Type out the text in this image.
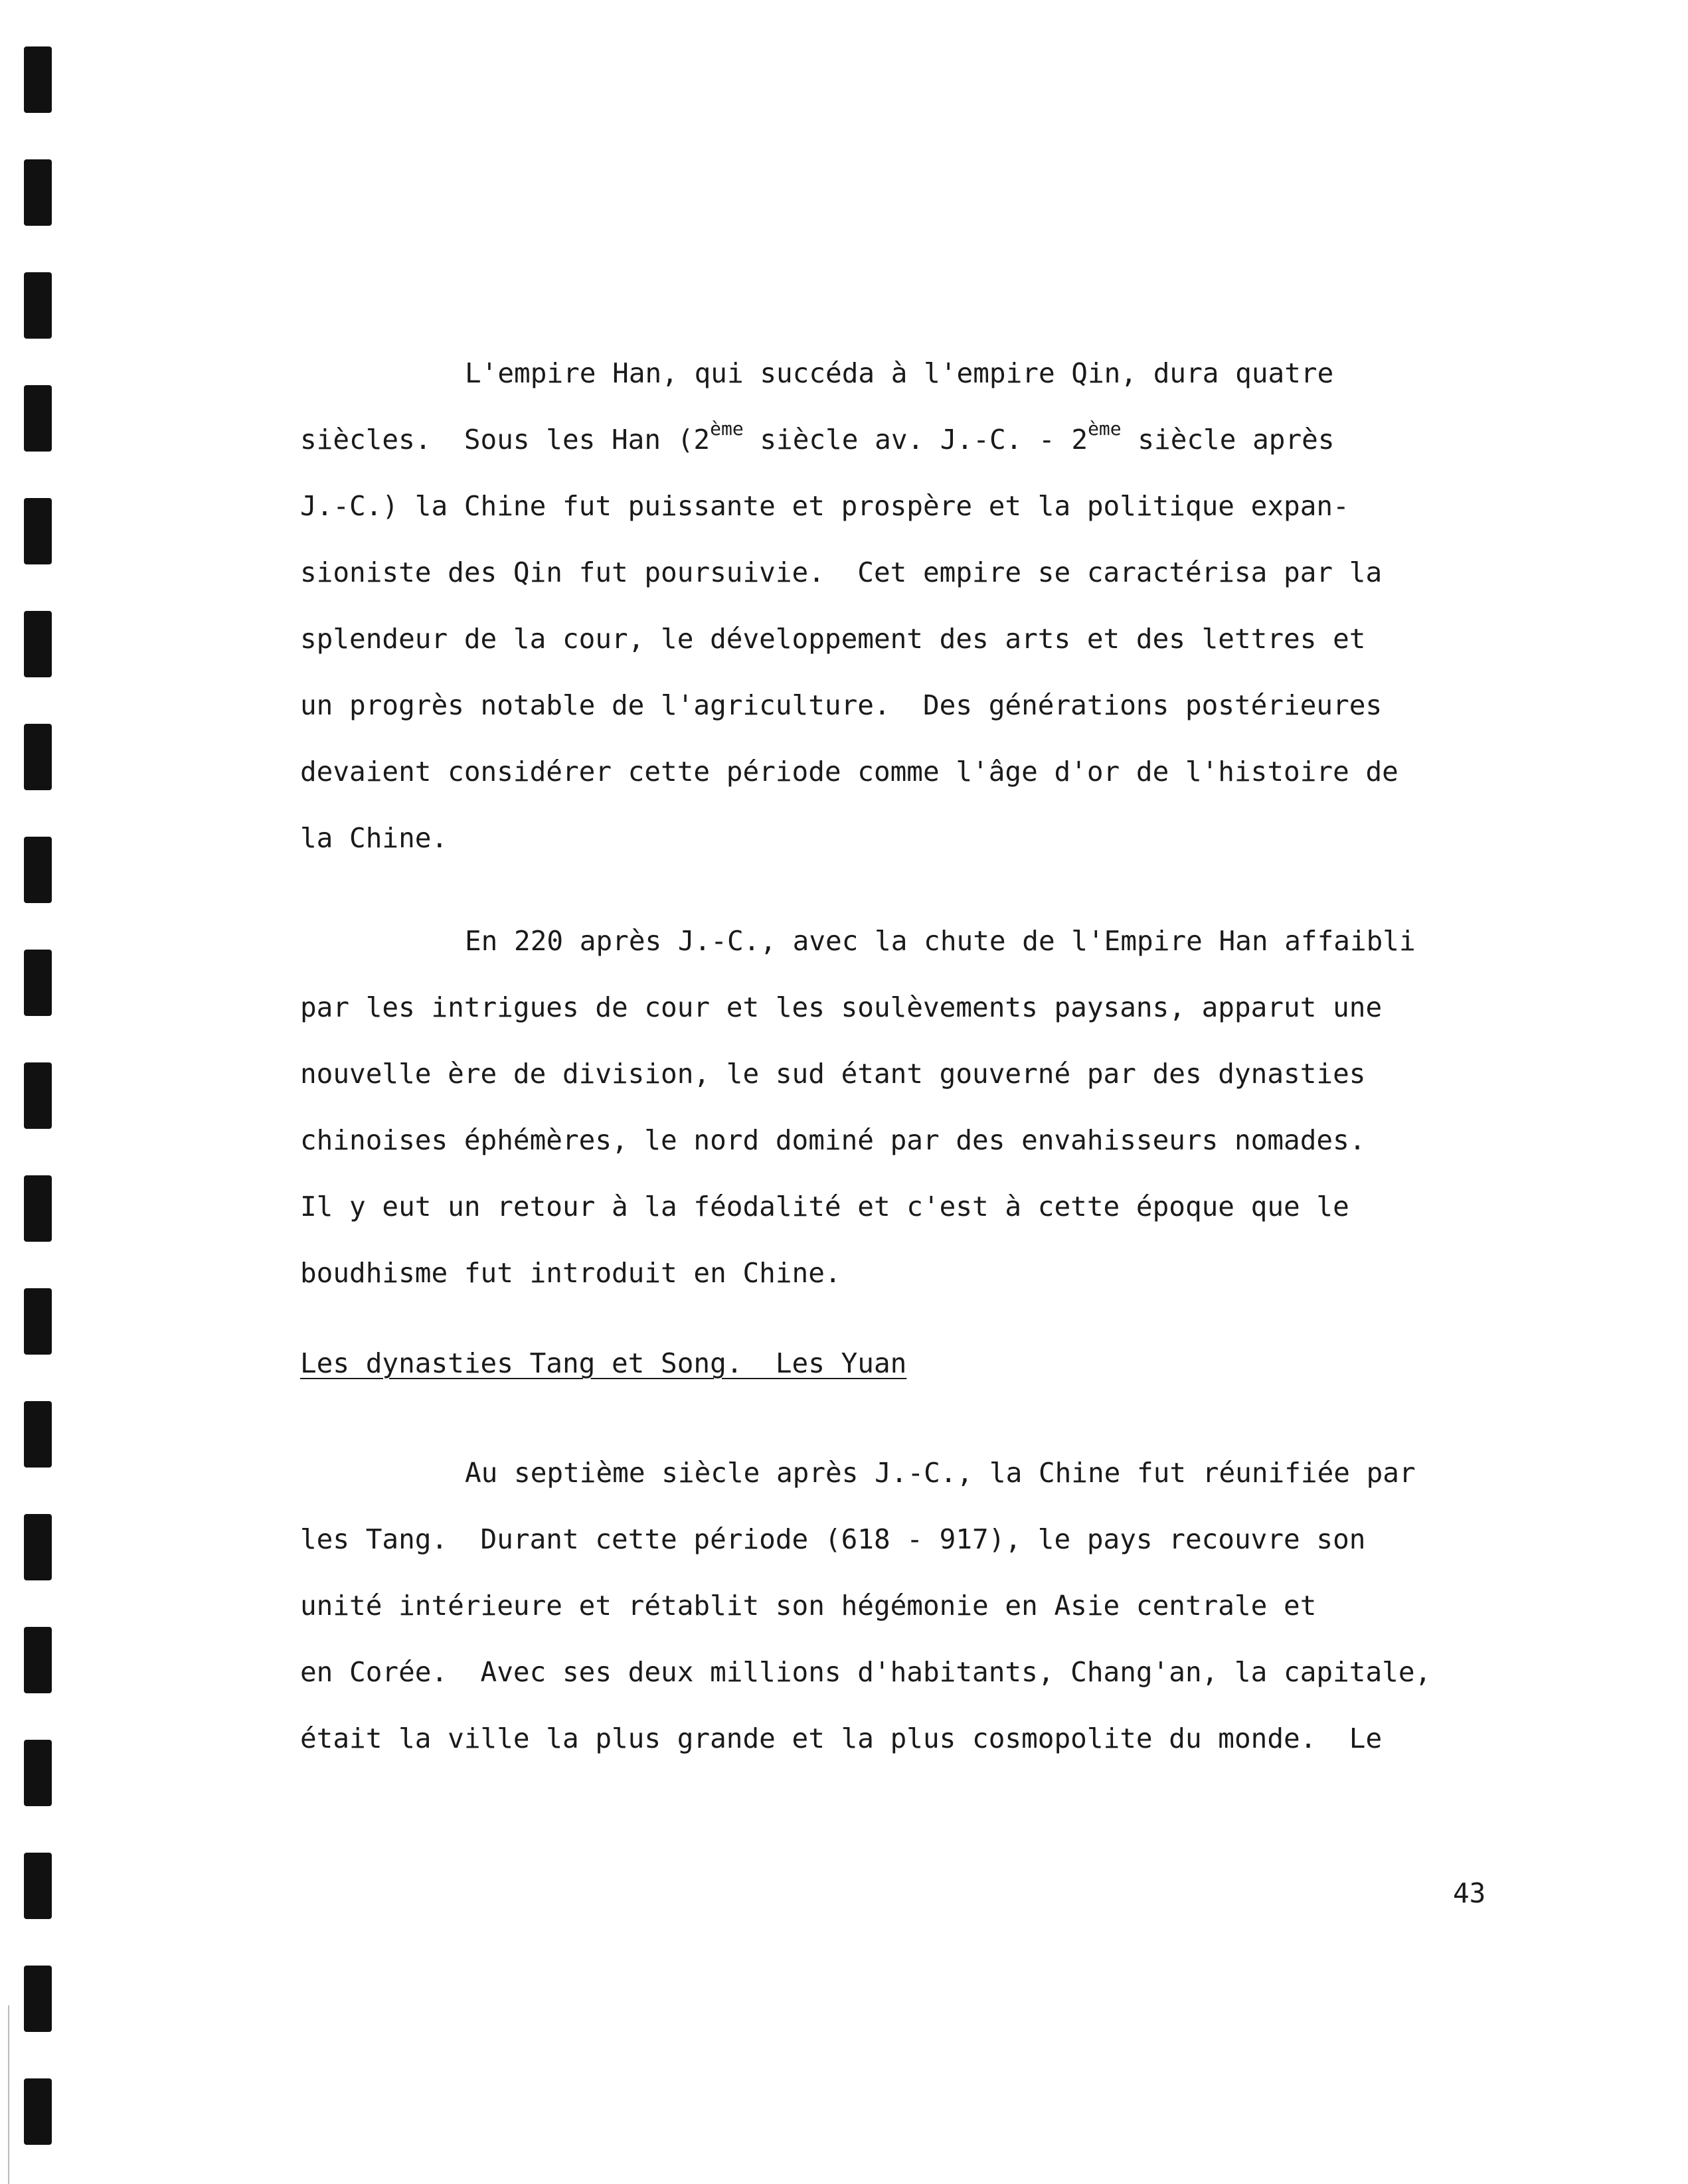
L'empire Han, qui succéda à l'empire Qin, dura quatre
siècles.  Sous les Han (2ème siècle av. J.-C. - 2ème siècle après
J.-C.) la Chine fut puissante et prospère et la politique expan-
sioniste des Qin fut poursuivie.  Cet empire se caractérisa par la
splendeur de la cour, le développement des arts et des lettres et
un progrès notable de l'agriculture.  Des générations postérieures
devaient considérer cette période comme l'âge d'or de l'histoire de
la Chine.
En 220 après J.-C., avec la chute de l'Empire Han affaibli
par les intrigues de cour et les soulèvements paysans, apparut une
nouvelle ère de division, le sud étant gouverné par des dynasties
chinoises éphémères, le nord dominé par des envahisseurs nomades.
Il y eut un retour à la féodalité et c'est à cette époque que le
boudhisme fut introduit en Chine.
Les dynasties Tang et Song.  Les Yuan
Au septième siècle après J.-C., la Chine fut réunifiée par
les Tang.  Durant cette période (618 - 917), le pays recouvre son
unité intérieure et rétablit son hégémonie en Asie centrale et
en Corée.  Avec ses deux millions d'habitants, Chang'an, la capitale,
était la ville la plus grande et la plus cosmopolite du monde.  Le
43
